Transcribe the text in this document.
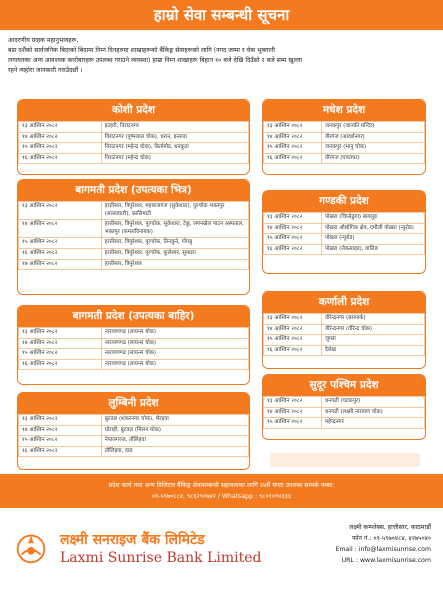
हाम्रो सेवा सम्बन्धी सूचना
आदरणीय ग्राहक महानुभावहरू,
बडा दशैंको सार्वजनिक बिदाको बिदामा निम्न दिनहरुमा शाखाहरूको बैंकिङ्ग सेवाहरूको लागि (नगद जम्मा र चेक भुक्तानी
लगायतका अन्य आवश्यक कारोबारहरू उपलब्ध गराउने व्यवस्था) हाम्रा निम्न शाखाहरू बिहान १० बजे देखि दिउँसो २ बजे सम्म खुल्ला
रहने व्यहोरा जानकारी गराउँदछौं ।
कोशी प्रदेश
१३ आश्विन २०८२	इटहरी, विराटनगर
१४ आश्विन २०८२	विराटनगर (पुष्पलाल चोक), धरान, इनरुवा
१५ आश्विन २०८२	विराटनगर (महेन्द्र चोक), बिर्तामोड, धनकुटा
१६ आश्विन २०८२	विराटनगर (महेन्द्र चोक)
बागमती प्रदेश (उपत्यका भित्र)
१३ आश्विन २०८२	हात्तीसार, त्रिपुरेश्वर, महाराजगंज (सुकेधारा), पुल्चोक भक्तपुर (सल्लाघारी), कालिमाटी
१४ आश्विन २०८२	हात्तीसार, त्रिपुरेश्वर, पुल्चोक, सुकेधारा, टेकु, लगनखेल पाटन अस्पताल, भक्तपुर (कमलविनायक)
१५ आश्विन २०८२	हात्तीसार, त्रिपुरेश्वर, पुल्चोक, तिनकुने, गोंगबु
१६ आश्विन २०८२	हात्तीसार, त्रिपुरेश्वर, पुल्चोक, कुलेश्वर, सुन्धारा
१७ आश्विन २०८२	हात्तीसार, त्रिपुरेश्वर
बागमती प्रदेश (उपत्यका बाहिर)
१३ आश्विन २०८२	नारायणगढ (लायन्स चोक)
१४ आश्विन २०८२	नारायणगढ (लायन्स चोक)
१५ आश्विन २०८२	नारायणगढ (लायन्स चोक)
१६ आश्विन २०८२	नारायणगढ (लायन्स चोक)
लुम्बिनी प्रदेश
१३ आश्विन २०८२	बुटवल (शंकरनगर चोक), भैरहवा
१४ आश्विन २०८२	घोराही, बुटवल (मिलन चोक)
१५ आश्विन २०८२	नेपालगञ्ज, तौलिहवा
१६ आश्विन २०८२	तौलिहवा, दाङ
मधेश प्रदेश
१३ आश्विन २०८२	जनकपुर (जानकी मन्दिर)
१४ आश्विन २०८२	वीरगंज (आदर्शनगर)
१५ आश्विन २०८२	जनकपुर (भानु चोक)
१६ आश्विन २०८२	वीरगंज (घण्टाघर)
गण्डकी प्रदेश
१३ आश्विन २०८२	पोखरा (चिप्लेढुंगा) बागलुङ
१४ आश्विन २०८२	पोखरा औद्योगिक क्षेत्र, दमौली पोखरा (न्यूरोड)
१५ आश्विन २०८२	पोखरा (न्यूरोड)
१६ आश्विन २०८२	पोखरा (लेकसाइड), वालिङ
कर्णाली प्रदेश
१३ आश्विन २०८२	वीरेन्द्रनगर (बसपार्क)
१४ आश्विन २०८२	वीरेन्द्रनगर (वीरेन्द्र चोक)
१५ आश्विन २०८२	जुम्ला
१६ आश्विन २०८२	दैलेख
सुदूर पश्चिम प्रदेश
१३ आश्विन २०८२	धनगढी (चटकपुर)
१४ आश्विन २०८२	धनगढी (लक्ष्मी नारायण चोक)
१५ आश्विन २०८२	महेन्द्रनगर
प्रदेश कार्य तथा अन्य डिजिटल बैंकिङ्ग सेवासम्बन्धी सहायताका लागि २४सै घण्टा उपलब्ध सम्पर्क नम्बर:
०१-५९७०८८४, ९८६२९०७४२ / Whatsapp : ९८०१०९०३३६
लक्ष्मी सनराइज बैंक लिमिटेड
Laxmi Sunrise Bank Limited
लक्ष्मी कम्प्लेक्स, हात्तीसार, काठमाडौं
फोन नं.: ०१-५९७०४८४, ४२७५०४०
Email : info@laxmisunrise.com
URL : www.laxmisunrise.com
